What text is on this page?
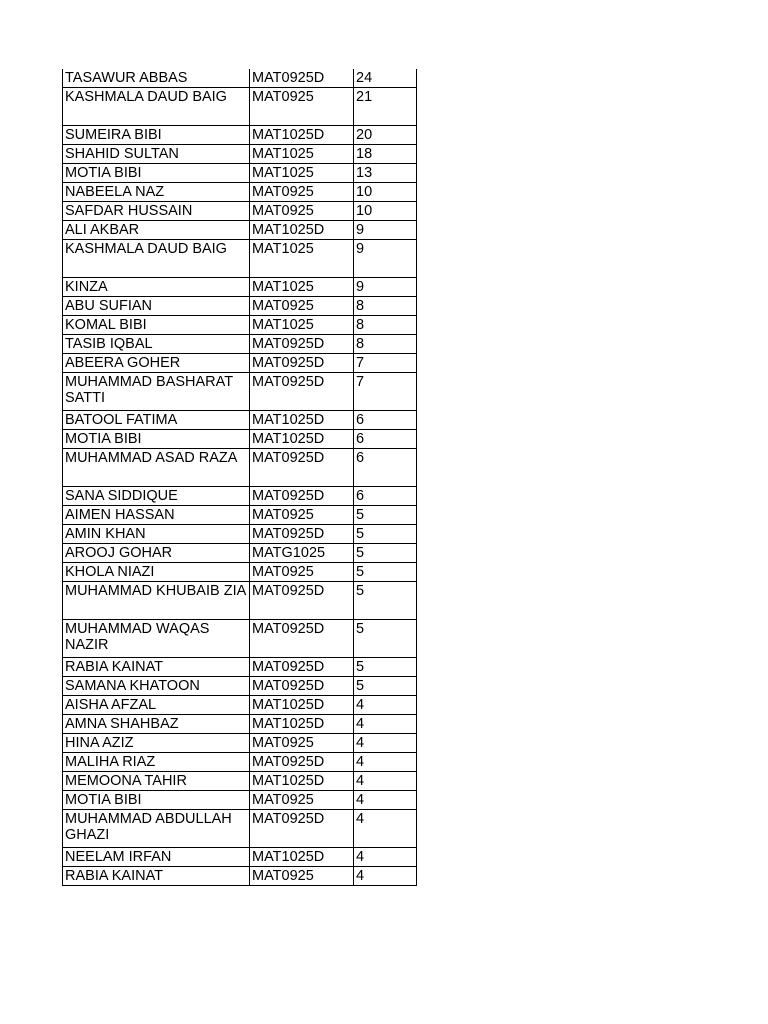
TASAWUR ABBAS	MAT0925D	24
KASHMALA DAUD BAIG	MAT0925	21
SUMEIRA BIBI	MAT1025D	20
SHAHID SULTAN	MAT1025	18
MOTIA BIBI	MAT1025	13
NABEELA NAZ	MAT0925	10
SAFDAR HUSSAIN	MAT0925	10
ALI AKBAR	MAT1025D	9
KASHMALA DAUD BAIG	MAT1025	9
KINZA	MAT1025	9
ABU SUFIAN	MAT0925	8
KOMAL BIBI	MAT1025	8
TASIB IQBAL	MAT0925D	8
ABEERA GOHER	MAT0925D	7
MUHAMMAD BASHARAT SATTI	MAT0925D	7
BATOOL FATIMA	MAT1025D	6
MOTIA BIBI	MAT1025D	6
MUHAMMAD ASAD RAZA	MAT0925D	6
SANA SIDDIQUE	MAT0925D	6
AIMEN HASSAN	MAT0925	5
AMIN KHAN	MAT0925D	5
AROOJ GOHAR	MATG1025	5
KHOLA NIAZI	MAT0925	5
MUHAMMAD KHUBAIB ZIA	MAT0925D	5
MUHAMMAD WAQAS NAZIR	MAT0925D	5
RABIA KAINAT	MAT0925D	5
SAMANA KHATOON	MAT0925D	5
AISHA AFZAL	MAT1025D	4
AMNA SHAHBAZ	MAT1025D	4
HINA AZIZ	MAT0925	4
MALIHA RIAZ	MAT0925D	4
MEMOONA TAHIR	MAT1025D	4
MOTIA BIBI	MAT0925	4
MUHAMMAD ABDULLAH GHAZI	MAT0925D	4
NEELAM IRFAN	MAT1025D	4
RABIA KAINAT	MAT0925	4
